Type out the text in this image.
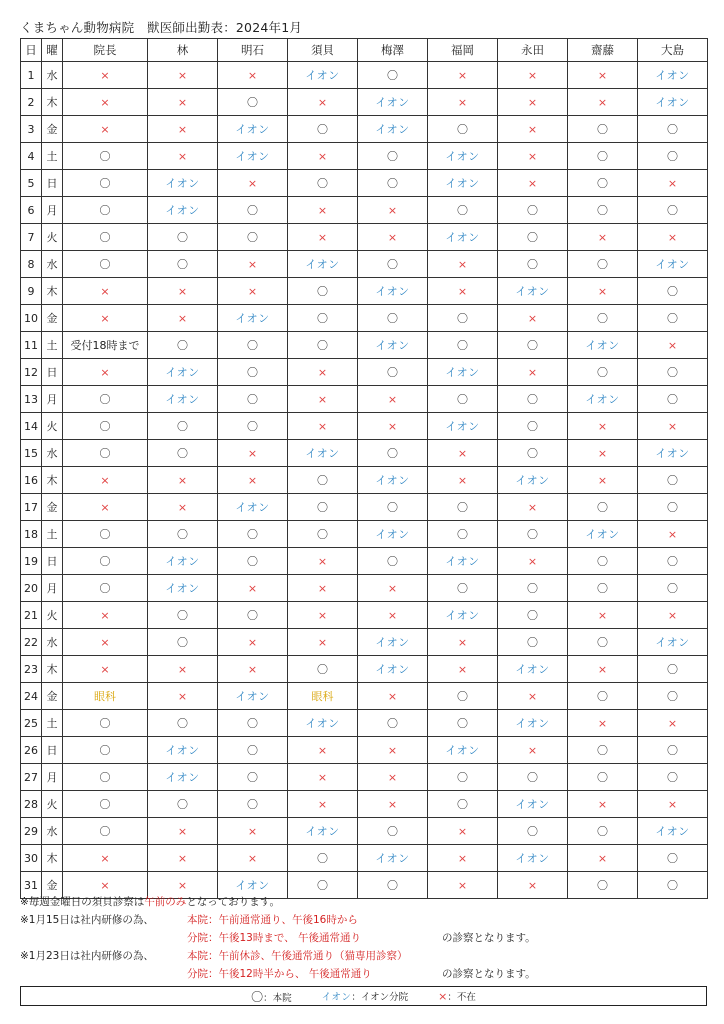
くまちゃん動物病院　獣医師出勤表：2024年1月
日	曜	院長	林	明石	須貝	梅澤	福岡	永田	齋藤	大島
1	水	×	×	×	イオン	〇	×	×	×	イオン
2	木	×	×	〇	×	イオン	×	×	×	イオン
3	金	×	×	イオン	〇	イオン	〇	×	〇	〇
4	土	〇	×	イオン	×	〇	イオン	×	〇	〇
5	日	〇	イオン	×	〇	〇	イオン	×	〇	×
6	月	〇	イオン	〇	×	×	〇	〇	〇	〇
7	火	〇	〇	〇	×	×	イオン	〇	×	×
8	水	〇	〇	×	イオン	〇	×	〇	〇	イオン
9	木	×	×	×	〇	イオン	×	イオン	×	〇
10	金	×	×	イオン	〇	〇	〇	×	〇	〇
11	土	受付18時まで	〇	〇	〇	イオン	〇	〇	イオン	×
12	日	×	イオン	〇	×	〇	イオン	×	〇	〇
13	月	〇	イオン	〇	×	×	〇	〇	イオン	〇
14	火	〇	〇	〇	×	×	イオン	〇	×	×
15	水	〇	〇	×	イオン	〇	×	〇	×	イオン
16	木	×	×	×	〇	イオン	×	イオン	×	〇
17	金	×	×	イオン	〇	〇	〇	×	〇	〇
18	土	〇	〇	〇	〇	イオン	〇	〇	イオン	×
19	日	〇	イオン	〇	×	〇	イオン	×	〇	〇
20	月	〇	イオン	×	×	×	〇	〇	〇	〇
21	火	×	〇	〇	×	×	イオン	〇	×	×
22	水	×	〇	×	×	イオン	×	〇	〇	イオン
23	木	×	×	×	〇	イオン	×	イオン	×	〇
24	金	眼科	×	イオン	眼科	×	〇	×	〇	〇
25	土	〇	〇	〇	イオン	〇	〇	イオン	×	×
26	日	〇	イオン	〇	×	×	イオン	×	〇	〇
27	月	〇	イオン	〇	×	×	〇	〇	〇	〇
28	火	〇	〇	〇	×	×	〇	イオン	×	×
29	水	〇	×	×	イオン	〇	×	〇	〇	イオン
30	木	×	×	×	〇	イオン	×	イオン	×	〇
31	金	×	×	イオン	〇	〇	×	×	〇	〇
※毎週金曜日の須貝診察は午前のみとなっております。
※1月15日は社内研修の為、	本院：午前通常通り、午後16時から
分院：午後13時まで、 午後通常通り	の診察となります。
※1月23日は社内研修の為、	本院：午前休診、午後通常通り（猫専用診察）
分院：午後12時半から、 午後通常通り	の診察となります。
〇：本院	イオン：イオン分院	×：不在
